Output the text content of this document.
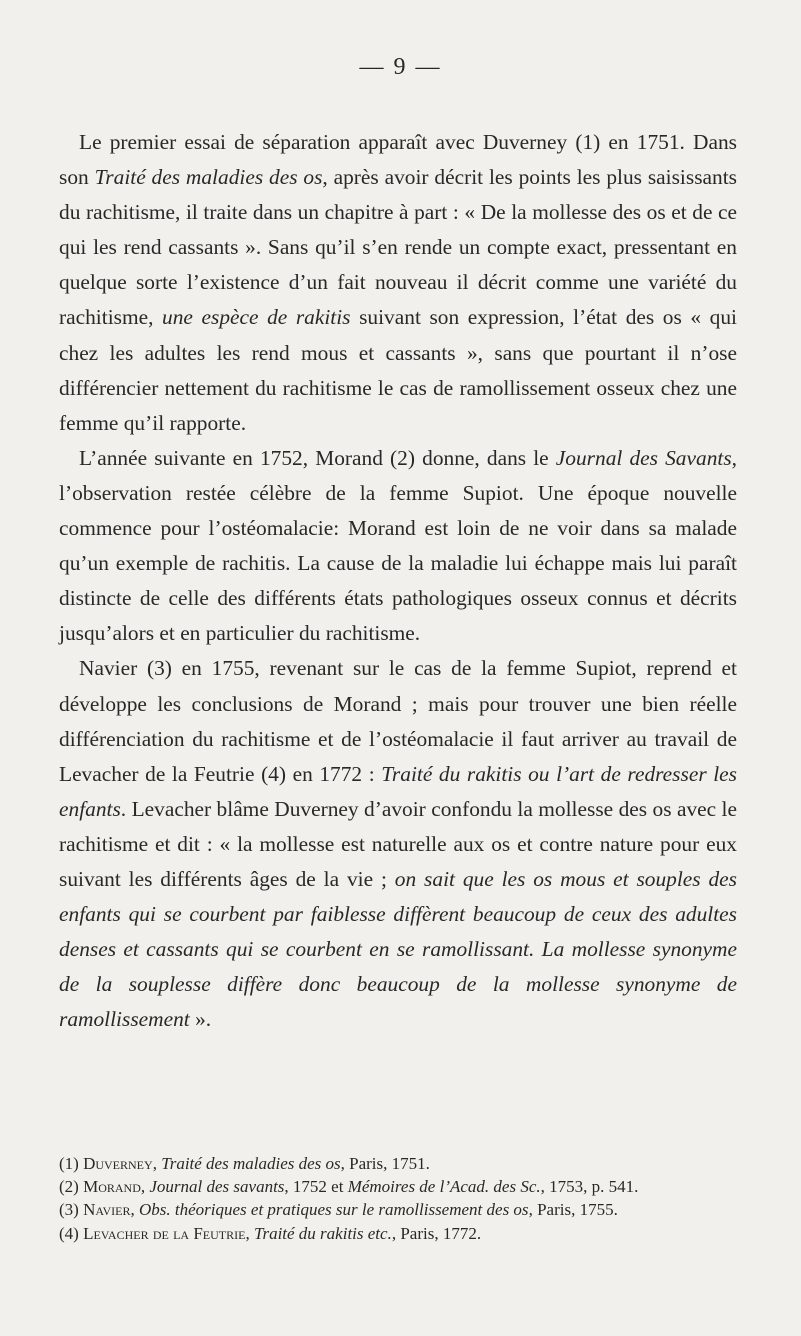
— 9 —

Le premier essai de séparation apparaît avec Duverney (1) en 1751. Dans son Traité des maladies des os, après avoir décrit les points les plus saisissants du rachitisme, il traite dans un chapitre à part : « De la mollesse des os et de ce qui les rend cassants ». Sans qu’il s’en rende un compte exact, pressentant en quelque sorte l’existence d’un fait nouveau il décrit comme une variété du rachitisme, une espèce de rakitis suivant son expression, l’état des os « qui chez les adultes les rend mous et cassants », sans que pourtant il n’ose différencier nettement du rachitisme le cas de ramollissement osseux chez une femme qu’il rapporte.

L’année suivante en 1752, Morand (2) donne, dans le Journal des Savants, l’observation restée célèbre de la femme Supiot. Une époque nouvelle commence pour l’ostéomalacie: Morand est loin de ne voir dans sa malade qu’un exemple de rachitis. La cause de la maladie lui échappe mais lui paraît distincte de celle des différents états pathologiques osseux connus et décrits jusqu’alors et en particulier du rachitisme.

Navier (3) en 1755, revenant sur le cas de la femme Supiot, reprend et développe les conclusions de Morand ; mais pour trouver une bien réelle différenciation du rachitisme et de l’ostéomalacie il faut arriver au travail de Levacher de la Feutrie (4) en 1772 : Traité du rakitis ou l’art de redresser les enfants. Levacher blâme Duverney d’avoir confondu la mollesse des os avec le rachitisme et dit : « la mollesse est naturelle aux os et contre nature pour eux suivant les différents âges de la vie ; on sait que les os mous et souples des enfants qui se courbent par faiblesse diffèrent beaucoup de ceux des adultes denses et cassants qui se courbent en se ramollissant. La mollesse synonyme de la souplesse diffère donc beaucoup de la mollesse synonyme de ramollissement ».

(1) Duverney, Traité des maladies des os, Paris, 1751.

(2) Morand, Journal des savants, 1752 et Mémoires de l’Acad. des Sc., 1753, p. 541.

(3) Navier, Obs. théoriques et pratiques sur le ramollissement des os, Paris, 1755.

(4) Levacher de la Feutrie, Traité du rakitis etc., Paris, 1772.
